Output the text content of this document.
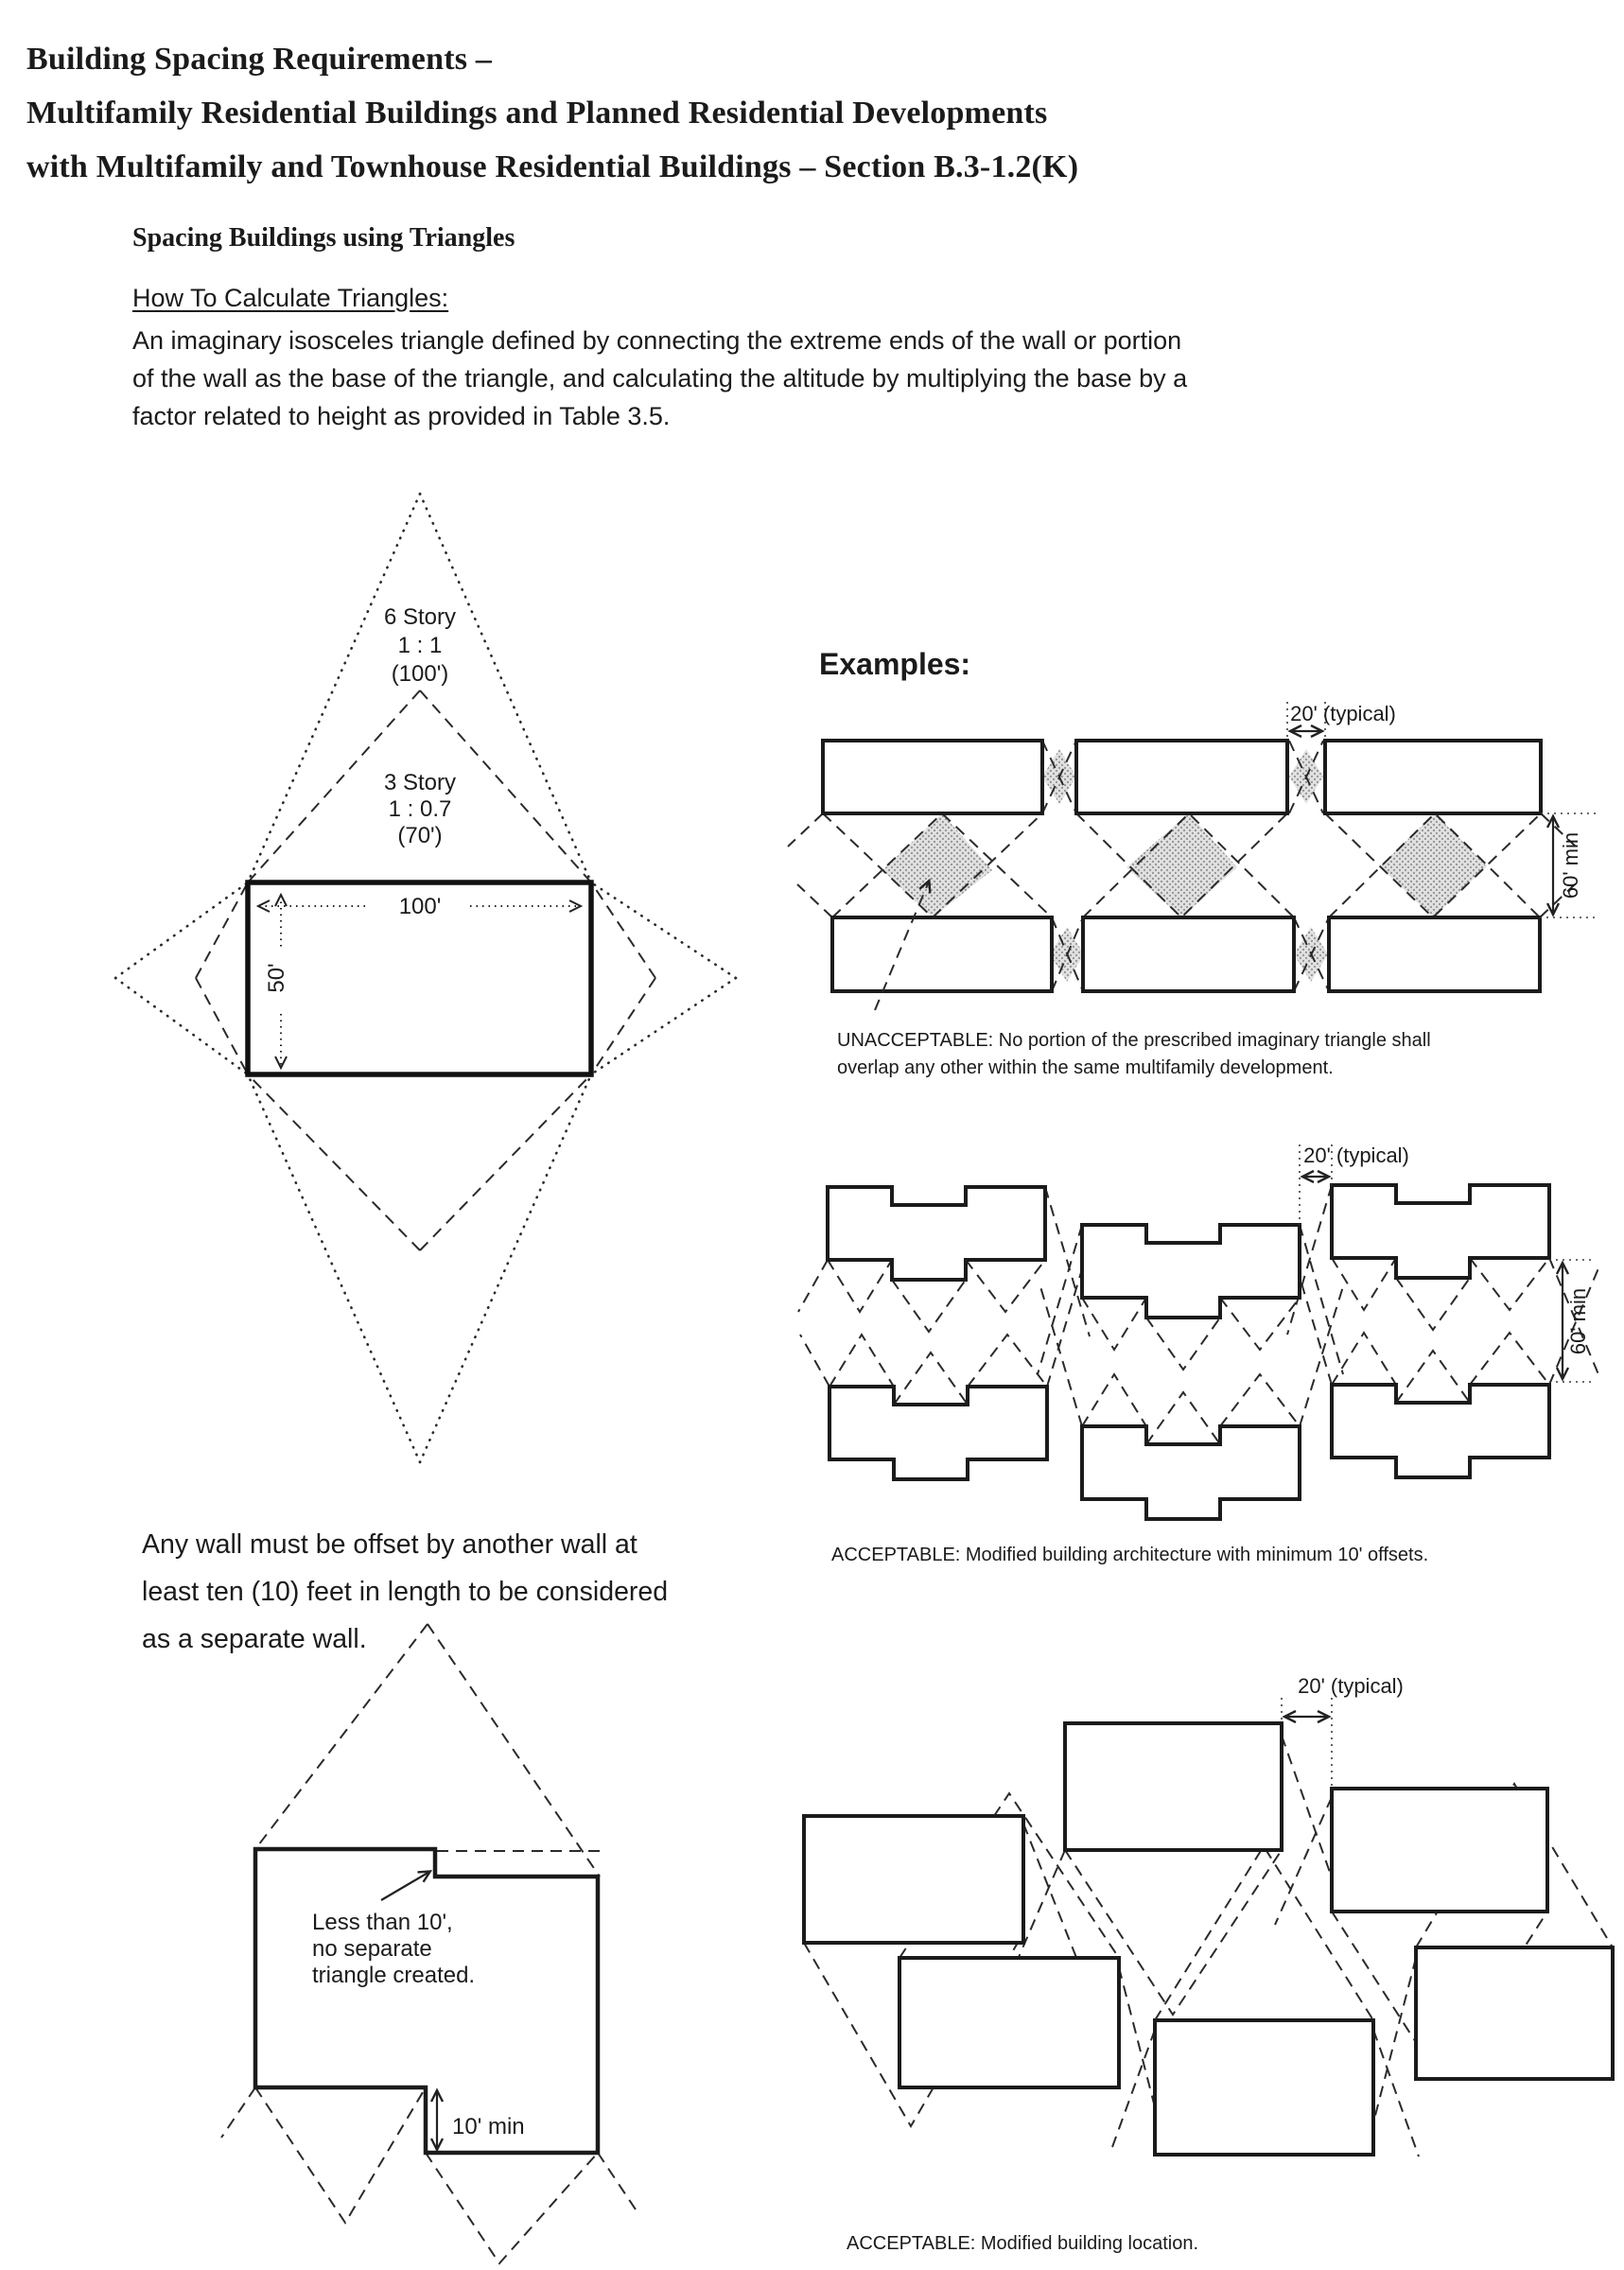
Building Spacing Requirements –
Multifamily Residential Buildings and Planned Residential Developments
with Multifamily and Townhouse Residential Buildings – Section B.3-1.2(K)
Spacing Buildings using Triangles
How To Calculate Triangles:
An imaginary isosceles triangle defined by connecting the extreme ends of the wall or portion
of the wall as the base of the triangle, and calculating the altitude by multiplying the base by a
factor related to height as provided in Table 3.5.
100'
50'
6 Story
1 : 1
(100')
3 Story
1 : 0.7
(70')
Examples:
20' (typical)
60' min
UNACCEPTABLE: No portion of the prescribed imaginary triangle shall overlap any other within the same multifamily development.
20' (typical)
60' min
ACCEPTABLE: Modified building architecture with minimum 10' offsets.
20' (typical)
ACCEPTABLE: Modified building location.
Any wall must be offset by another wall at
least ten (10) feet in length to be considered
as a separate wall.
Less than 10',
no separate
triangle created.
10' min
